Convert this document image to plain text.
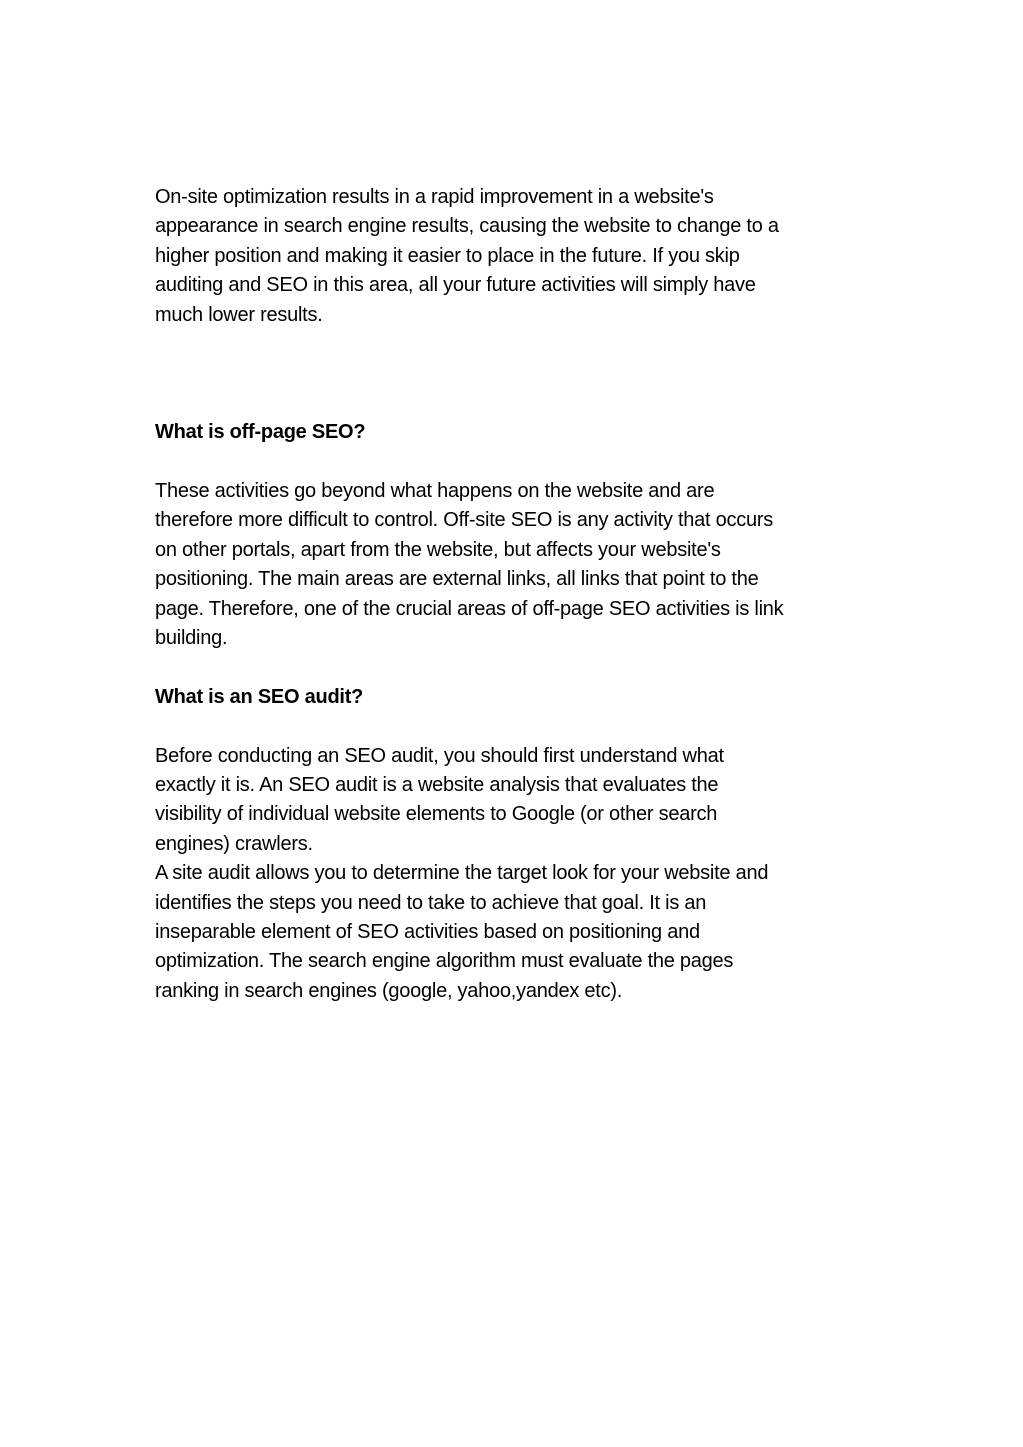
On-site optimization results in a rapid improvement in a website's
appearance in search engine results, causing the website to change to a
higher position and making it easier to place in the future. If you skip
auditing and SEO in this area, all your future activities will simply have
much lower results.
What is off-page SEO?
These activities go beyond what happens on the website and are
therefore more difficult to control. Off-site SEO is any activity that occurs
on other portals, apart from the website, but affects your website's
positioning. The main areas are external links, all links that point to the
page. Therefore, one of the crucial areas of off-page SEO activities is link
building.
What is an SEO audit?
Before conducting an SEO audit, you should first understand what
exactly it is. An SEO audit is a website analysis that evaluates the
visibility of individual website elements to Google (or other search
engines) crawlers.
A site audit allows you to determine the target look for your website and
identifies the steps you need to take to achieve that goal. It is an
inseparable element of SEO activities based on positioning and
optimization. The search engine algorithm must evaluate the pages
ranking in search engines (google, yahoo,yandex etc).
